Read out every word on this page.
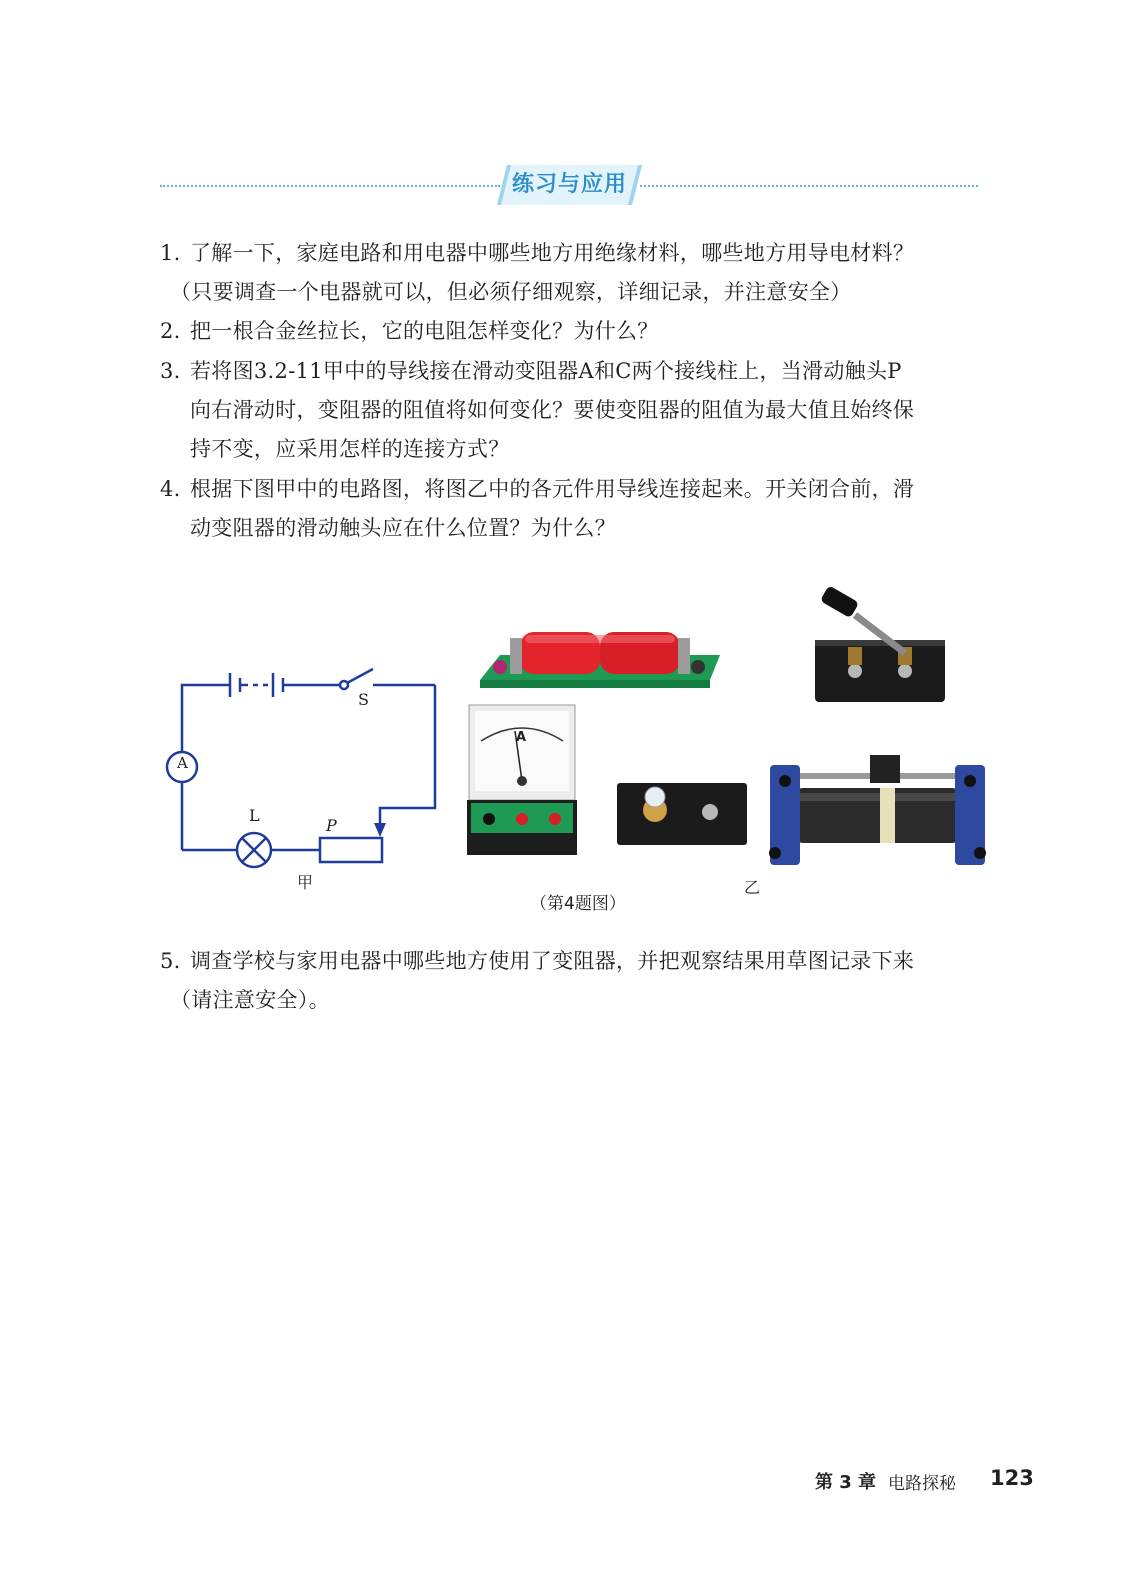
练习与应用
1. 了解一下，家庭电路和用电器中哪些地方用绝缘材料，哪些地方用导电材料？
（只要调查一个电器就可以，但必须仔细观察，详细记录，并注意安全）
2. 把一根合金丝拉长，它的电阻怎样变化？为什么？
3. 若将图3.2-11甲中的导线接在滑动变阻器A和C两个接线柱上，当滑动触头P
向右滑动时，变阻器的阻值将如何变化？要使变阻器的阻值为最大值且始终保
持不变，应采用怎样的连接方式？
4. 根据下图甲中的电路图，将图乙中的各元件用导线连接起来。开关闭合前，滑
动变阻器的滑动触头应在什么位置？为什么？
A
S
L
P
甲
A
乙
（第4题图）
5. 调查学校与家用电器中哪些地方使用了变阻器，并把观察结果用草图记录下来
（请注意安全）。
第 3 章 电路探秘 123
